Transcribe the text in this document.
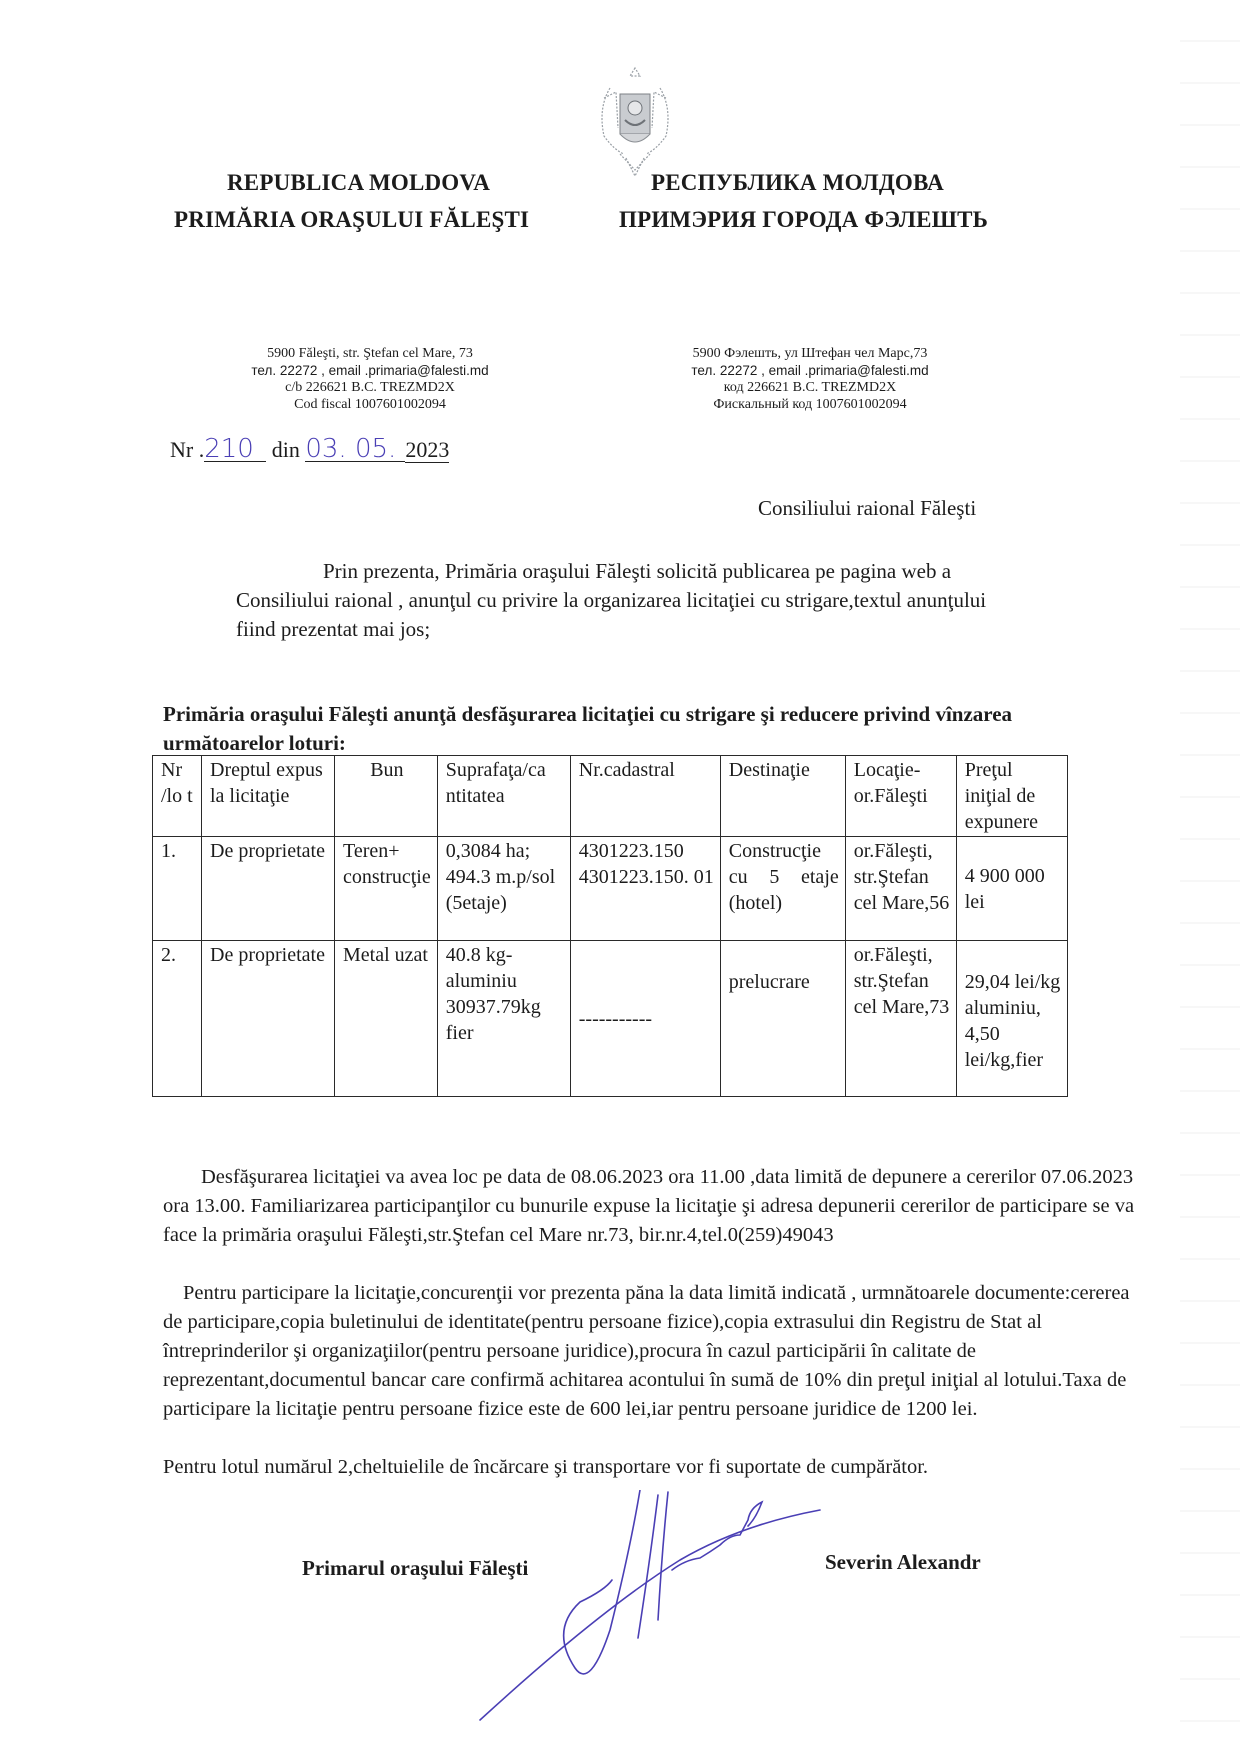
REPUBLICA MOLDOVA
PRIMĂRIA ORAŞULUI FĂLEŞTI
РЕСПУБЛИКА МОЛДОВА
ПРИМЭРИЯ ГОРОДА ФЭЛЕШТЬ
5900 Făleşti, str. Ştefan cel Mare, 73
тел. 22272 , email .primaria@falesti.md
c/b 226621 B.C. TREZMD2X
Cod fiscal 1007601002094
5900 Фэлешть, ул Штефан чел Марс,73
тел. 22272 , email .primaria@falesti.md
код 226621 B.C. TREZMD2X
Фискальный код 1007601002094
Nr .210 din 03. 05. 2023
Consiliului raional Făleşti
Prin prezenta, Primăria oraşului Făleşti solicită publicarea pe pagina web a
Consiliului raional , anunţul cu privire la organizarea licitaţiei cu strigare,textul anunţului
fiind prezentat mai jos;
Primăria oraşului Făleşti anunţă desfăşurarea licitaţiei cu strigare şi reducere privind vînzarea următoarelor loturi:
Nr /lo t	Dreptul expus la licitaţie	Bun	Suprafaţa/ca ntitatea	Nr.cadastral	Destinaţie	Locaţie- or.Făleşti	Preţul iniţial de expunere
1.	De proprietate	Teren+ construcţie	0,3084 ha; 494.3 m.p/sol (5etaje)	4301223.150 4301223.150. 01	Construcţie cu 5 etaje (hotel)	or.Făleşti, str.Ştefan cel Mare,56	4 900 000 lei
2.	De proprietate	Metal uzat	40.8 kg-aluminiu 30937.79kg fier	-----------	prelucrare	or.Făleşti, str.Ştefan cel Mare,73	29,04 lei/kg aluminiu, 4,50 lei/kg,fier
Desfăşurarea licitaţiei va avea loc pe data de 08.06.2023 ora 11.00 ,data limită de depunere a cererilor 07.06.2023 ora 13.00. Familiarizarea participanţilor cu bunurile expuse la licitaţie şi adresa depunerii cererilor de participare se va face la primăria oraşului Făleşti,str.Ştefan cel Mare nr.73, bir.nr.4,tel.0(259)49043
Pentru participare la licitaţie,concurenţii vor prezenta păna la data limită indicată , urmnătoarele documente:cererea de participare,copia buletinului de identitate(pentru persoane fizice),copia extrasului din Registru de Stat al întreprinderilor şi organizaţiilor(pentru persoane juridice),procura în cazul participării în calitate de reprezentant,documentul bancar care confirmă achitarea acontului în sumă de 10% din preţul iniţial al lotului.Taxa de participare la licitaţie pentru persoane fizice este de 600 lei,iar pentru persoane juridice de 1200 lei.
Pentru lotul numărul 2,cheltuielile de încărcare şi transportare vor fi suportate de cumpărător.
Primarul oraşului Făleşti	Severin Alexandr
